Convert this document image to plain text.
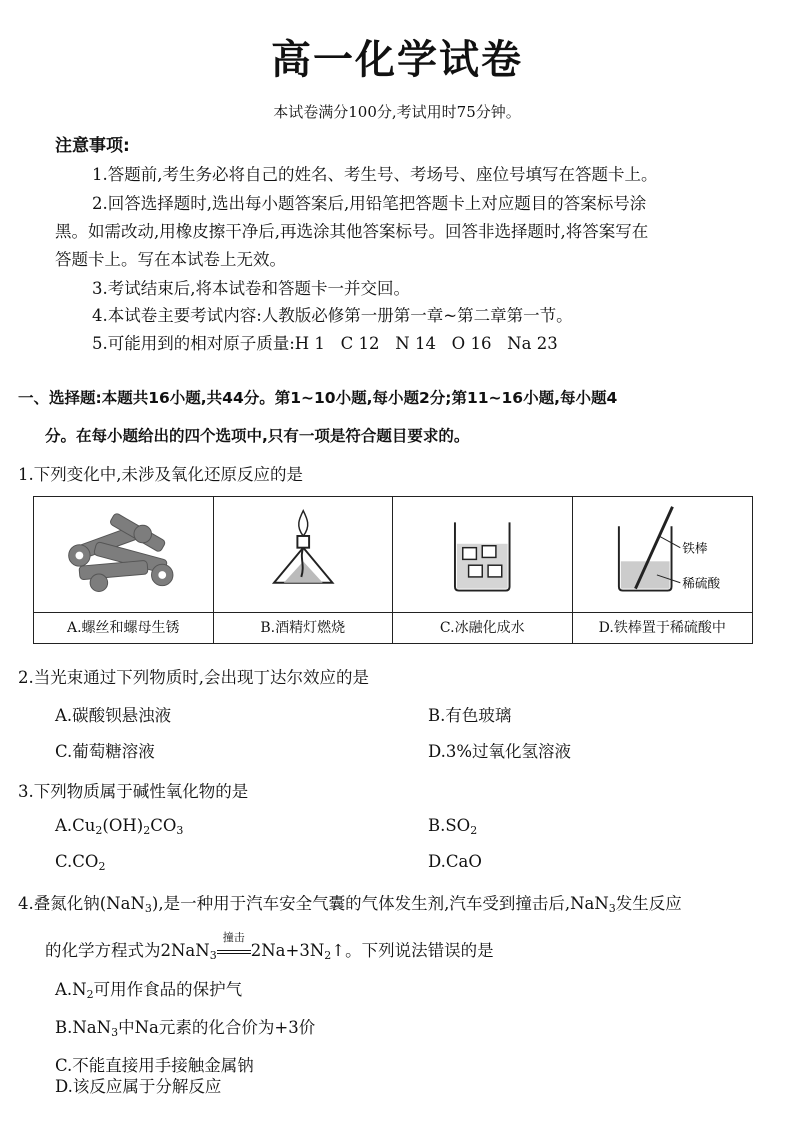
高一化学试卷
本试卷满分100分,考试用时75分钟。
注意事项:
1.答题前,考生务必将自己的姓名、考生号、考场号、座位号填写在答题卡上。
2.回答选择题时,选出每小题答案后,用铅笔把答题卡上对应题目的答案标号涂
黑。如需改动,用橡皮擦干净后,再选涂其他答案标号。回答非选择题时,将答案写在
答题卡上。写在本试卷上无效。
3.考试结束后,将本试卷和答题卡一并交回。
4.本试卷主要考试内容:人教版必修第一册第一章~第二章第一节。
5.可能用到的相对原子质量:H 1   C 12   N 14   O 16   Na 23
一、选择题:本题共16小题,共44分。第1~10小题,每小题2分;第11~16小题,每小题4
分。在每小题给出的四个选项中,只有一项是符合题目要求的。
1.下列变化中,未涉及氧化还原反应的是
铁棒
稀硫酸
A.螺丝和螺母生锈	B.酒精灯燃烧	C.冰融化成水	D.铁棒置于稀硫酸中
2.当光束通过下列物质时,会出现丁达尔效应的是
A.碳酸钡悬浊液	B.有色玻璃
C.葡萄糖溶液	D.3%过氧化氢溶液
3.下列物质属于碱性氧化物的是
$A.Cu_2(OH)_2CO_3$	$B.SO_2$
$C.CO_2$	D.CaO
4.叠氮化钠(NaN$_3$),是一种用于汽车安全气囊的气体发生剂,汽车受到撞击后,NaN$_3$发生反应
的化学方程式为2NaN$_3$
撞击
$2Na+3N_2↑$。下列说法错误的是
$A.N_2$可用作食品的保护气
B.NaN$_3$中Na元素的化合价为+3价
C.不能直接用手接触金属钠
D.该反应属于分解反应
